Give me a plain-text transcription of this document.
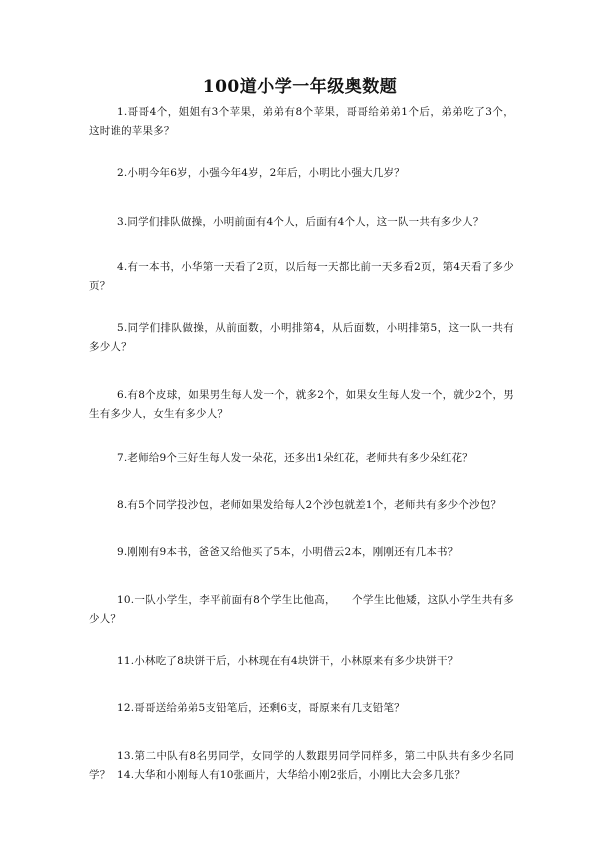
100道小学一年级奥数题
1.哥哥4个，姐姐有3个苹果，弟弟有8个苹果，哥哥给弟弟1个后，弟弟吃了3个，这时谁的苹果多？
2.小明今年6岁，小强今年4岁，2年后，小明比小强大几岁？
3.同学们排队做操，小明前面有4个人，后面有4个人，这一队一共有多少人？
4.有一本书，小华第一天看了2页，以后每一天都比前一天多看2页，第4天看了多少页？
5.同学们排队做操，从前面数，小明排第4，从后面数，小明排第5，这一队一共有多少人？
6.有8个皮球，如果男生每人发一个，就多2个，如果女生每人发一个，就少2个，男生有多少人，女生有多少人？
7.老师给9个三好生每人发一朵花，还多出1朵红花，老师共有多少朵红花？
8.有5个同学投沙包，老师如果发给每人2个沙包就差1个，老师共有多少个沙包？
9.刚刚有9本书，爸爸又给他买了5本，小明借云2本，刚刚还有几本书？
10.一队小学生，李平前面有8个学生比他高，　　个学生比他矮，这队小学生共有多少人？
11.小林吃了8块饼干后，小林现在有4块饼干，小林原来有多少块饼干？
12.哥哥送给弟弟5支铅笔后，还剩6支，哥原来有几支铅笔？
13.第二中队有8名男同学，女同学的人数跟男同学同样多，第二中队共有多少名同学？ 14.大华和小刚每人有10张画片，大华给小刚2张后，小刚比大会多几张？
